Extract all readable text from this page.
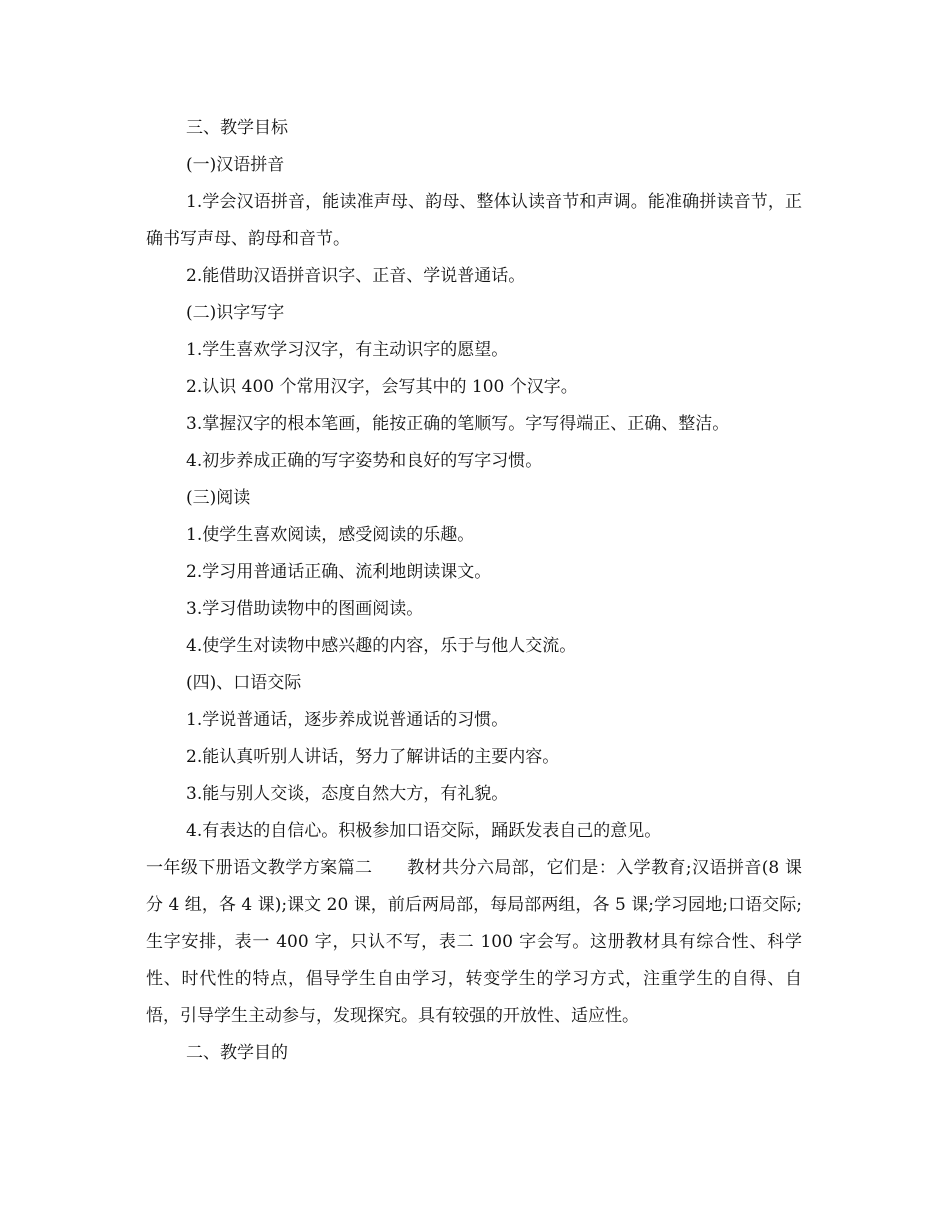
三、教学目标

(一)汉语拼音

1.学会汉语拼音，能读准声母、韵母、整体认读音节和声调。能准确拼读音节，正确书写声母、韵母和音节。

2.能借助汉语拼音识字、正音、学说普通话。

(二)识字写字

1.学生喜欢学习汉字，有主动识字的愿望。

2.认识 400 个常用汉字，会写其中的 100 个汉字。

3.掌握汉字的根本笔画，能按正确的笔顺写。字写得端正、正确、整洁。

4.初步养成正确的写字姿势和良好的写字习惯。

(三)阅读

1.使学生喜欢阅读，感受阅读的乐趣。

2.学习用普通话正确、流利地朗读课文。

3.学习借助读物中的图画阅读。

4.使学生对读物中感兴趣的内容，乐于与他人交流。

(四)、口语交际

1.学说普通话，逐步养成说普通话的习惯。

2.能认真听别人讲话，努力了解讲话的主要内容。

3.能与别人交谈，态度自然大方，有礼貌。

4.有表达的自信心。积极参加口语交际，踊跃发表自己的意见。

一年级下册语文教学方案篇二　　教材共分六局部，它们是：入学教育;汉语拼音(8 课分 4 组，各 4 课);课文 20 课，前后两局部，每局部两组，各 5 课;学习园地;口语交际;生字安排，表一 400 字，只认不写，表二 100 字会写。这册教材具有综合性、科学性、时代性的特点，倡导学生自由学习，转变学生的学习方式，注重学生的自得、自悟，引导学生主动参与，发现探究。具有较强的开放性、适应性。

二、教学目的
